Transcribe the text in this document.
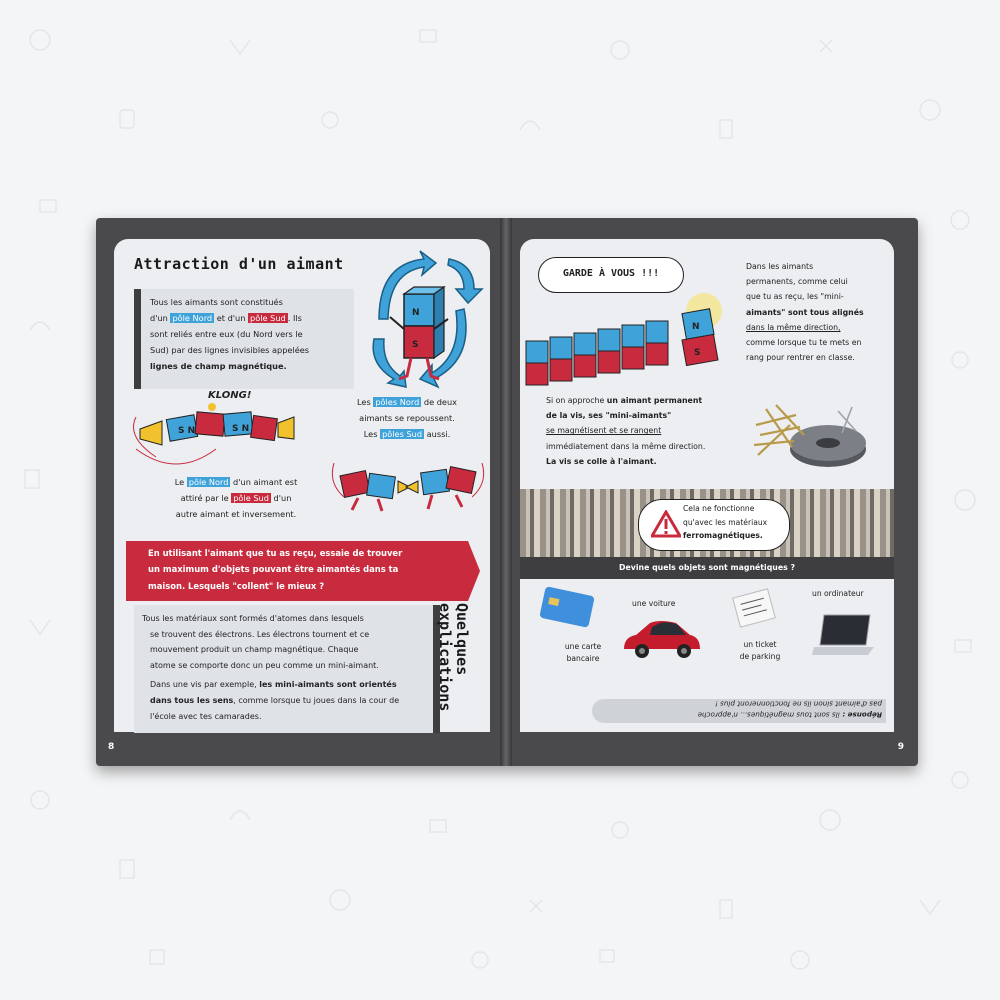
Attraction d'un aimant
Tous les aimants sont constitués
d'un pôle Nord et d'un pôle Sud . Ils
sont reliés entre eux (du Nord vers le
Sud) par des lignes invisibles appelées
lignes de champ magnétique.
N
S
KLONG!
S N	S N
Le pôle Nord d'un aimant est
attiré par le pôle Sud d'un
autre aimant et inversement.
Les pôles Nord de deux
aimants se repoussent.
Les pôles Sud aussi.
En utilisant l'aimant que tu as reçu, essaie de trouver
un maximum d'objets pouvant être aimantés dans ta
maison. Lesquels "collent" le mieux ?
Tous les matériaux sont formés d'atomes dans lesquels
se trouvent des électrons. Les électrons tournent et ce
mouvement produit un champ magnétique. Chaque
atome se comporte donc un peu comme un mini-aimant.
Dans une vis par exemple, les mini-aimants sont orientés
dans tous les sens, comme lorsque tu joues dans la cour de
l'école avec tes camarades.
Quelques
explications
8
GARDE À VOUS !!!
N
S
Dans les aimants
permanents, comme celui
que tu as reçu, les "mini-
aimants" sont tous alignés
dans la même direction,
comme lorsque tu te mets en
rang pour rentrer en classe.
Si on approche un aimant permanent
de la vis, ses "mini-aimants"
se magnétisent et se rangent
immédiatement dans la même direction.
La vis se colle à l'aimant.
Cela ne fonctionne
qu'avec les matériaux
ferromagnétiques.
Devine quels objets sont magnétiques ?
une carte
bancaire
une voiture
un ticket
de parking
un ordinateur
Réponse : ils sont tous magnétiques... n'approche
pas d'aimant sinon ils ne fonctionneront plus !
9
